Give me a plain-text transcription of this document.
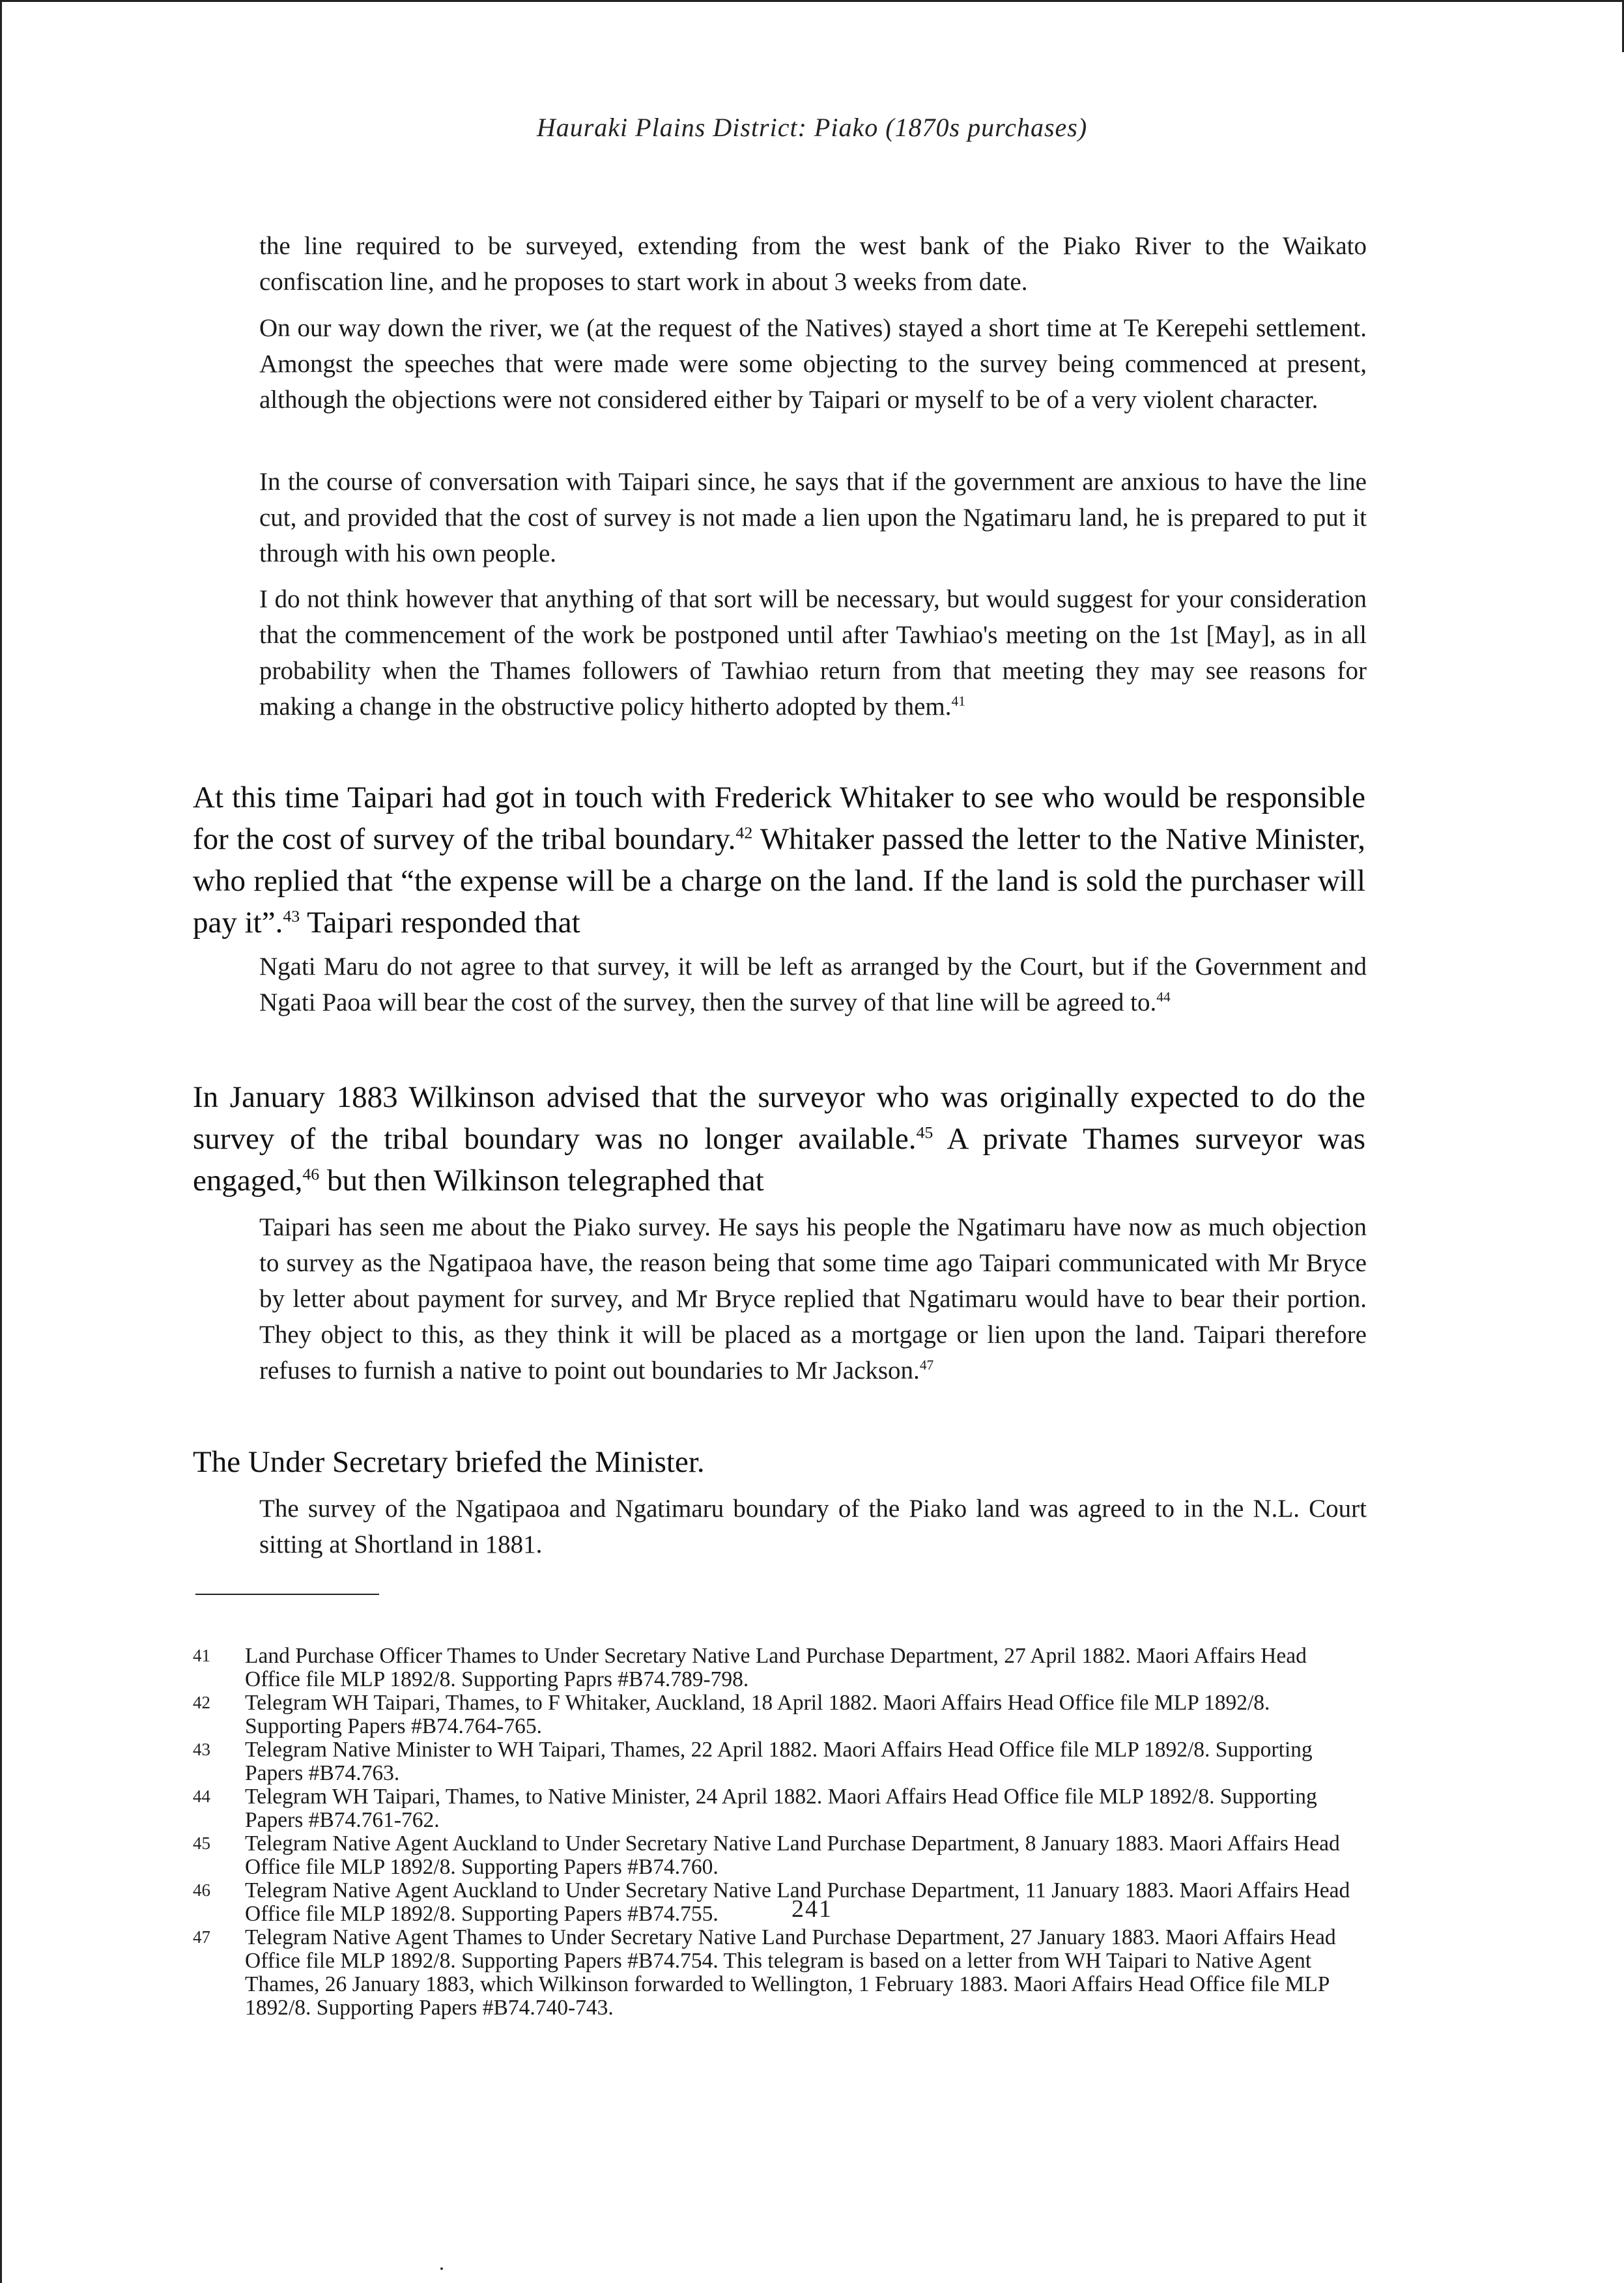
Hauraki Plains District: Piako (1870s purchases)

the line required to be surveyed, extending from the west bank of the Piako River to the Waikato confiscation line, and he proposes to start work in about 3 weeks from date.

On our way down the river, we (at the request of the Natives) stayed a short time at Te Kerepehi settlement. Amongst the speeches that were made were some objecting to the survey being commenced at present, although the objections were not considered either by Taipari or myself to be of a very violent character.

In the course of conversation with Taipari since, he says that if the government are anxious to have the line cut, and provided that the cost of survey is not made a lien upon the Ngatimaru land, he is prepared to put it through with his own people.

I do not think however that anything of that sort will be necessary, but would suggest for your consideration that the commencement of the work be postponed until after Tawhiao's meeting on the 1st [May], as in all probability when the Thames followers of Tawhiao return from that meeting they may see reasons for making a change in the obstructive policy hitherto adopted by them.$^{41}$

At this time Taipari had got in touch with Frederick Whitaker to see who would be responsible for the cost of survey of the tribal boundary.$^{42}$ Whitaker passed the letter to the Native Minister, who replied that “the expense will be a charge on the land. If the land is sold the purchaser will pay it”.$^{43}$ Taipari responded that

Ngati Maru do not agree to that survey, it will be left as arranged by the Court, but if the Government and Ngati Paoa will bear the cost of the survey, then the survey of that line will be agreed to.$^{44}$

In January 1883 Wilkinson advised that the surveyor who was originally expected to do the survey of the tribal boundary was no longer available.$^{45}$ A private Thames surveyor was engaged,$^{46}$ but then Wilkinson telegraphed that

Taipari has seen me about the Piako survey. He says his people the Ngatimaru have now as much objection to survey as the Ngatipaoa have, the reason being that some time ago Taipari communicated with Mr Bryce by letter about payment for survey, and Mr Bryce replied that Ngatimaru would have to bear their portion. They object to this, as they think it will be placed as a mortgage or lien upon the land. Taipari therefore refuses to furnish a native to point out boundaries to Mr Jackson.$^{47}$

The Under Secretary briefed the Minister.

The survey of the Ngatipaoa and Ngatimaru boundary of the Piako land was agreed to in the N.L. Court sitting at Shortland in 1881.

41	Land Purchase Officer Thames to Under Secretary Native Land Purchase Department, 27 April 1882. Maori Affairs Head Office file MLP 1892/8. Supporting Paprs #B74.789-798.
42	Telegram WH Taipari, Thames, to F Whitaker, Auckland, 18 April 1882. Maori Affairs Head Office file MLP 1892/8. Supporting Papers #B74.764-765.
43	Telegram Native Minister to WH Taipari, Thames, 22 April 1882. Maori Affairs Head Office file MLP 1892/8. Supporting Papers #B74.763.
44	Telegram WH Taipari, Thames, to Native Minister, 24 April 1882. Maori Affairs Head Office file MLP 1892/8. Supporting Papers #B74.761-762.
45	Telegram Native Agent Auckland to Under Secretary Native Land Purchase Department, 8 January 1883. Maori Affairs Head Office file MLP 1892/8. Supporting Papers #B74.760.
46	Telegram Native Agent Auckland to Under Secretary Native Land Purchase Department, 11 January 1883. Maori Affairs Head Office file MLP 1892/8. Supporting Papers #B74.755.
47	Telegram Native Agent Thames to Under Secretary Native Land Purchase Department, 27 January 1883. Maori Affairs Head Office file MLP 1892/8. Supporting Papers #B74.754. This telegram is based on a letter from WH Taipari to Native Agent Thames, 26 January 1883, which Wilkinson forwarded to Wellington, 1 February 1883. Maori Affairs Head Office file MLP 1892/8. Supporting Papers #B74.740-743.
241
